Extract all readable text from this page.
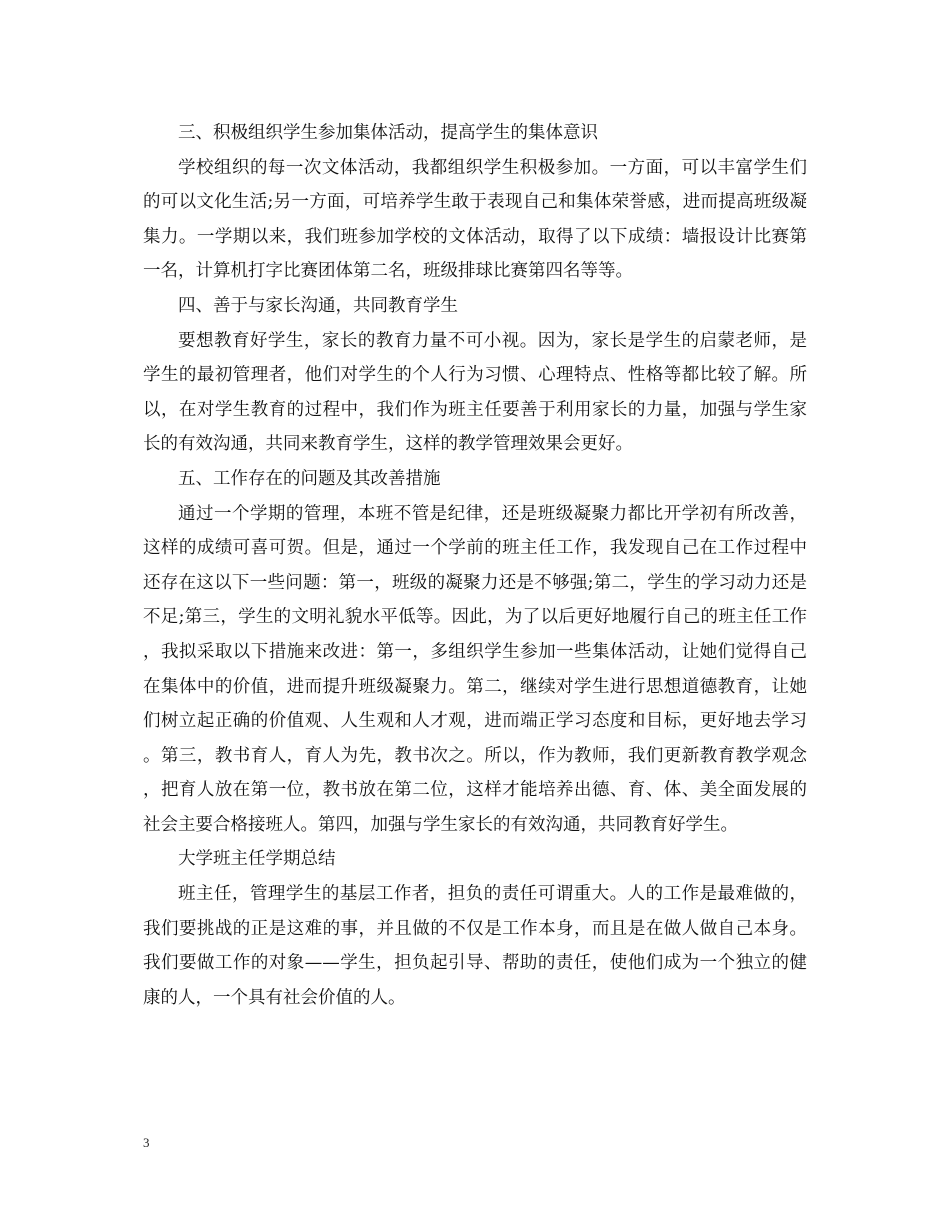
三、积极组织学生参加集体活动，提高学生的集体意识

学校组织的每一次文体活动，我都组织学生积极参加。一方面，可以丰富学生们的可以文化生活;另一方面，可培养学生敢于表现自己和集体荣誉感，进而提高班级凝集力。一学期以来，我们班参加学校的文体活动，取得了以下成绩：墙报设计比赛第一名，计算机打字比赛团体第二名，班级排球比赛第四名等等。

四、善于与家长沟通，共同教育学生

要想教育好学生，家长的教育力量不可小视。因为，家长是学生的启蒙老师，是学生的最初管理者，他们对学生的个人行为习惯、心理特点、性格等都比较了解。所以，在对学生教育的过程中，我们作为班主任要善于利用家长的力量，加强与学生家长的有效沟通，共同来教育学生，这样的教学管理效果会更好。

五、工作存在的问题及其改善措施

通过一个学期的管理，本班不管是纪律，还是班级凝聚力都比开学初有所改善，这样的成绩可喜可贺。但是，通过一个学前的班主任工作，我发现自己在工作过程中还存在这以下一些问题：第一，班级的凝聚力还是不够强;第二，学生的学习动力还是不足;第三，学生的文明礼貌水平低等。因此，为了以后更好地履行自己的班主任工作，我拟采取以下措施来改进：第一，多组织学生参加一些集体活动，让她们觉得自己在集体中的价值，进而提升班级凝聚力。第二，继续对学生进行思想道德教育，让她们树立起正确的价值观、人生观和人才观，进而端正学习态度和目标，更好地去学习。第三，教书育人，育人为先，教书次之。所以，作为教师，我们更新教育教学观念，把育人放在第一位，教书放在第二位，这样才能培养出德、育、体、美全面发展的社会主要合格接班人。第四，加强与学生家长的有效沟通，共同教育好学生。

大学班主任学期总结

班主任，管理学生的基层工作者，担负的责任可谓重大。人的工作是最难做的，我们要挑战的正是这难的事，并且做的不仅是工作本身，而且是在做人做自己本身。我们要做工作的对象——学生，担负起引导、帮助的责任，使他们成为一个独立的健康的人，一个具有社会价值的人。

3
